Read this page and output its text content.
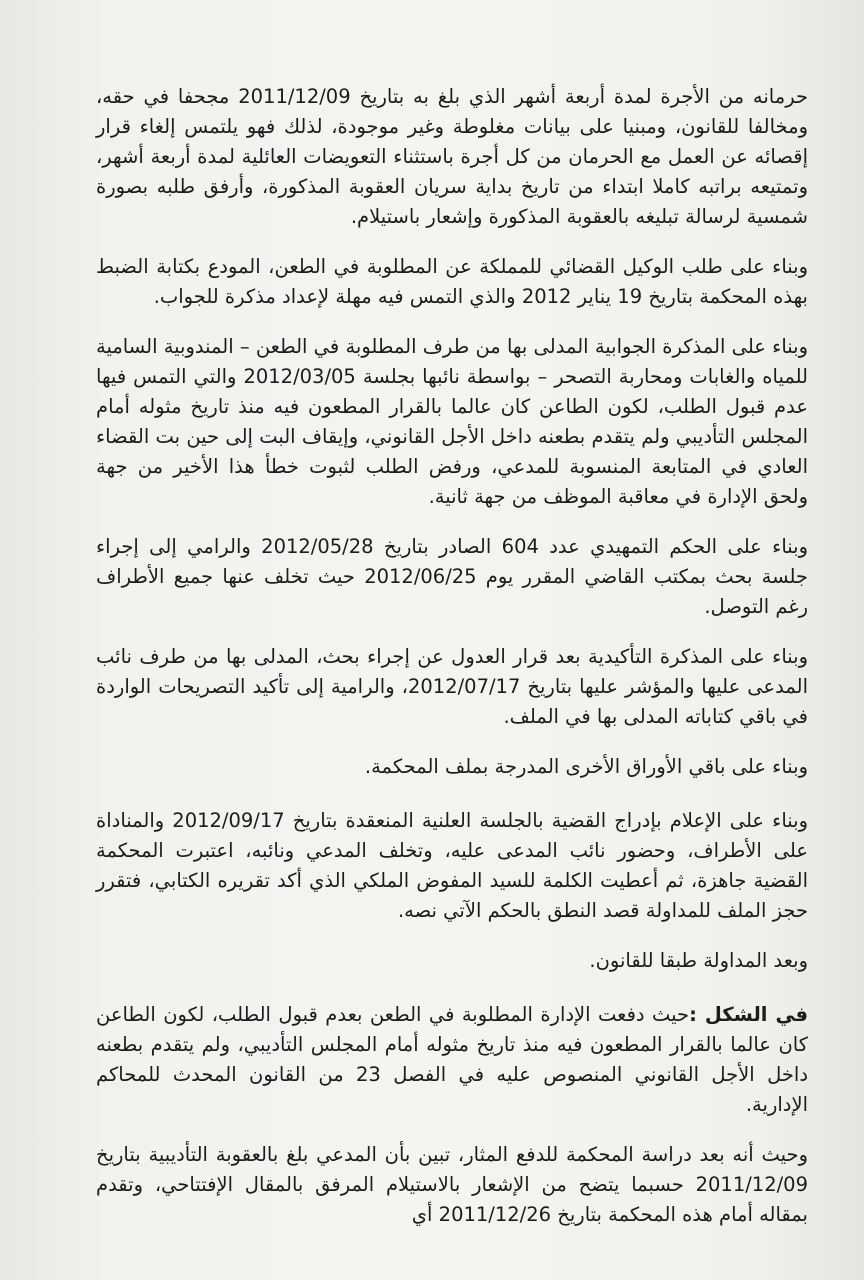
حرمانه من الأجرة لمدة أربعة أشهر الذي بلغ به بتاريخ 2011/12/09 مجحفا في حقه، ومخالفا للقانون، ومبنيا على بيانات مغلوطة وغير موجودة، لذلك فهو يلتمس إلغاء قرار إقصائه عن العمل مع الحرمان من كل أجرة باستثناء التعويضات العائلية لمدة أربعة أشهر، وتمتيعه براتبه كاملا ابتداء من تاريخ بداية سريان العقوبة المذكورة، وأرفق طلبه بصورة شمسية لرسالة تبليغه بالعقوبة المذكورة وإشعار باستيلام.

وبناء على طلب الوكيل القضائي للمملكة عن المطلوبة في الطعن، المودع بكتابة الضبط بهذه المحكمة بتاريخ 19 يناير 2012 والذي التمس فيه مهلة لإعداد مذكرة للجواب.

وبناء على المذكرة الجوابية المدلى بها من طرف المطلوبة في الطعن – المندوبية السامية للمياه والغابات ومحاربة التصحر – بواسطة نائبها بجلسة 2012/03/05 والتي التمس فيها عدم قبول الطلب، لكون الطاعن كان عالما بالقرار المطعون فيه منذ تاريخ مثوله أمام المجلس التأديبي ولم يتقدم بطعنه داخل الأجل القانوني، وإيقاف البت إلى حين بت القضاء العادي في المتابعة المنسوبة للمدعي، ورفض الطلب لثبوت خطأ هذا الأخير من جهة ولحق الإدارة في معاقبة الموظف من جهة ثانية.

وبناء على الحكم التمهيدي عدد 604 الصادر بتاريخ 2012/05/28 والرامي إلى إجراء جلسة بحث بمكتب القاضي المقرر يوم 2012/06/25 حيث تخلف عنها جميع الأطراف رغم التوصل.

وبناء على المذكرة التأكيدية بعد قرار العدول عن إجراء بحث، المدلى بها من طرف نائب المدعى عليها والمؤشر عليها بتاريخ 2012/07/17، والرامية إلى تأكيد التصريحات الواردة في باقي كتاباته المدلى بها في الملف.

وبناء على باقي الأوراق الأخرى المدرجة بملف المحكمة.

وبناء على الإعلام بإدراج القضية بالجلسة العلنية المنعقدة بتاريخ 2012/09/17 والمناداة على الأطراف، وحضور نائب المدعى عليه، وتخلف المدعي ونائبه، اعتبرت المحكمة القضية جاهزة، ثم أعطيت الكلمة للسيد المفوض الملكي الذي أكد تقريره الكتابي، فتقرر حجز الملف للمداولة قصد النطق بالحكم الآتي نصه.

وبعد المداولة طبقا للقانون.

في الشكل :حيث دفعت الإدارة المطلوبة في الطعن بعدم قبول الطلب، لكون الطاعن كان عالما بالقرار المطعون فيه منذ تاريخ مثوله أمام المجلس التأديبي، ولم يتقدم بطعنه داخل الأجل القانوني المنصوص عليه في الفصل 23 من القانون المحدث للمحاكم الإدارية.

وحيث أنه بعد دراسة المحكمة للدفع المثار، تبين بأن المدعي بلغ بالعقوبة التأديبية بتاريخ 2011/12/09 حسبما يتضح من الإشعار بالاستيلام المرفق بالمقال الإفتتاحي، وتقدم بمقاله أمام هذه المحكمة بتاريخ 2011/12/26 أي
